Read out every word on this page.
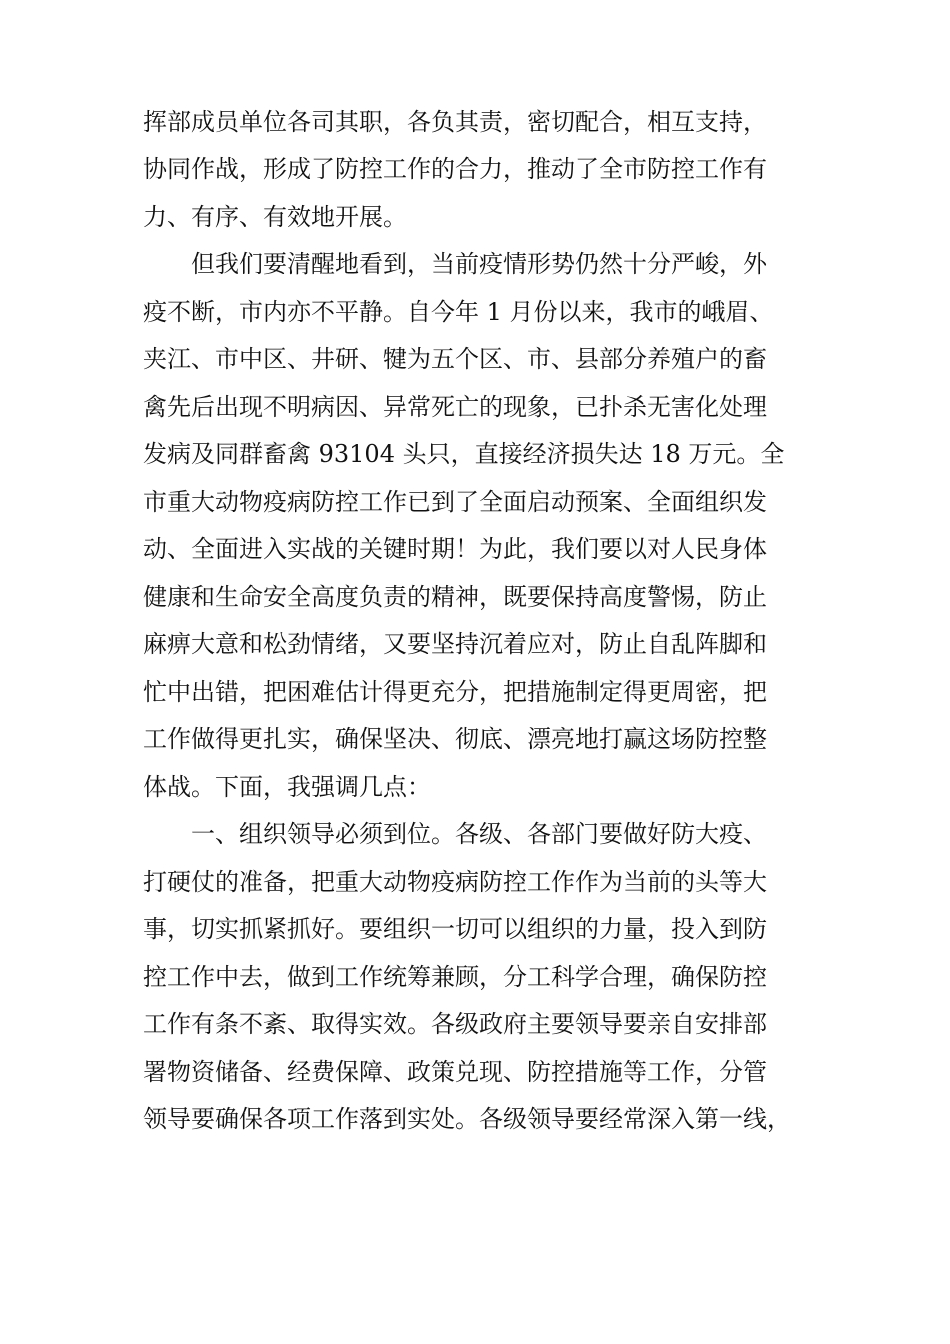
挥部成员单位各司其职，各负其责，密切配合，相互支持，
协同作战，形成了防控工作的合力，推动了全市防控工作有
力、有序、有效地开展。
但我们要清醒地看到，当前疫情形势仍然十分严峻，外
疫不断，市内亦不平静。自今年 1 月份以来，我市的峨眉、
夹江、市中区、井研、犍为五个区、市、县部分养殖户的畜
禽先后出现不明病因、异常死亡的现象，已扑杀无害化处理
发病及同群畜禽 93104 头只，直接经济损失达 18 万元。全
市重大动物疫病防控工作已到了全面启动预案、全面组织发
动、全面进入实战的关键时期！为此，我们要以对人民身体
健康和生命安全高度负责的精神，既要保持高度警惕，防止
麻痹大意和松劲情绪，又要坚持沉着应对，防止自乱阵脚和
忙中出错，把困难估计得更充分，把措施制定得更周密，把
工作做得更扎实，确保坚决、彻底、漂亮地打赢这场防控整
体战。下面，我强调几点：
一、组织领导必须到位。各级、各部门要做好防大疫、
打硬仗的准备，把重大动物疫病防控工作作为当前的头等大
事，切实抓紧抓好。要组织一切可以组织的力量，投入到防
控工作中去，做到工作统筹兼顾，分工科学合理，确保防控
工作有条不紊、取得实效。各级政府主要领导要亲自安排部
署物资储备、经费保障、政策兑现、防控措施等工作，分管
领导要确保各项工作落到实处。各级领导要经常深入第一线，
